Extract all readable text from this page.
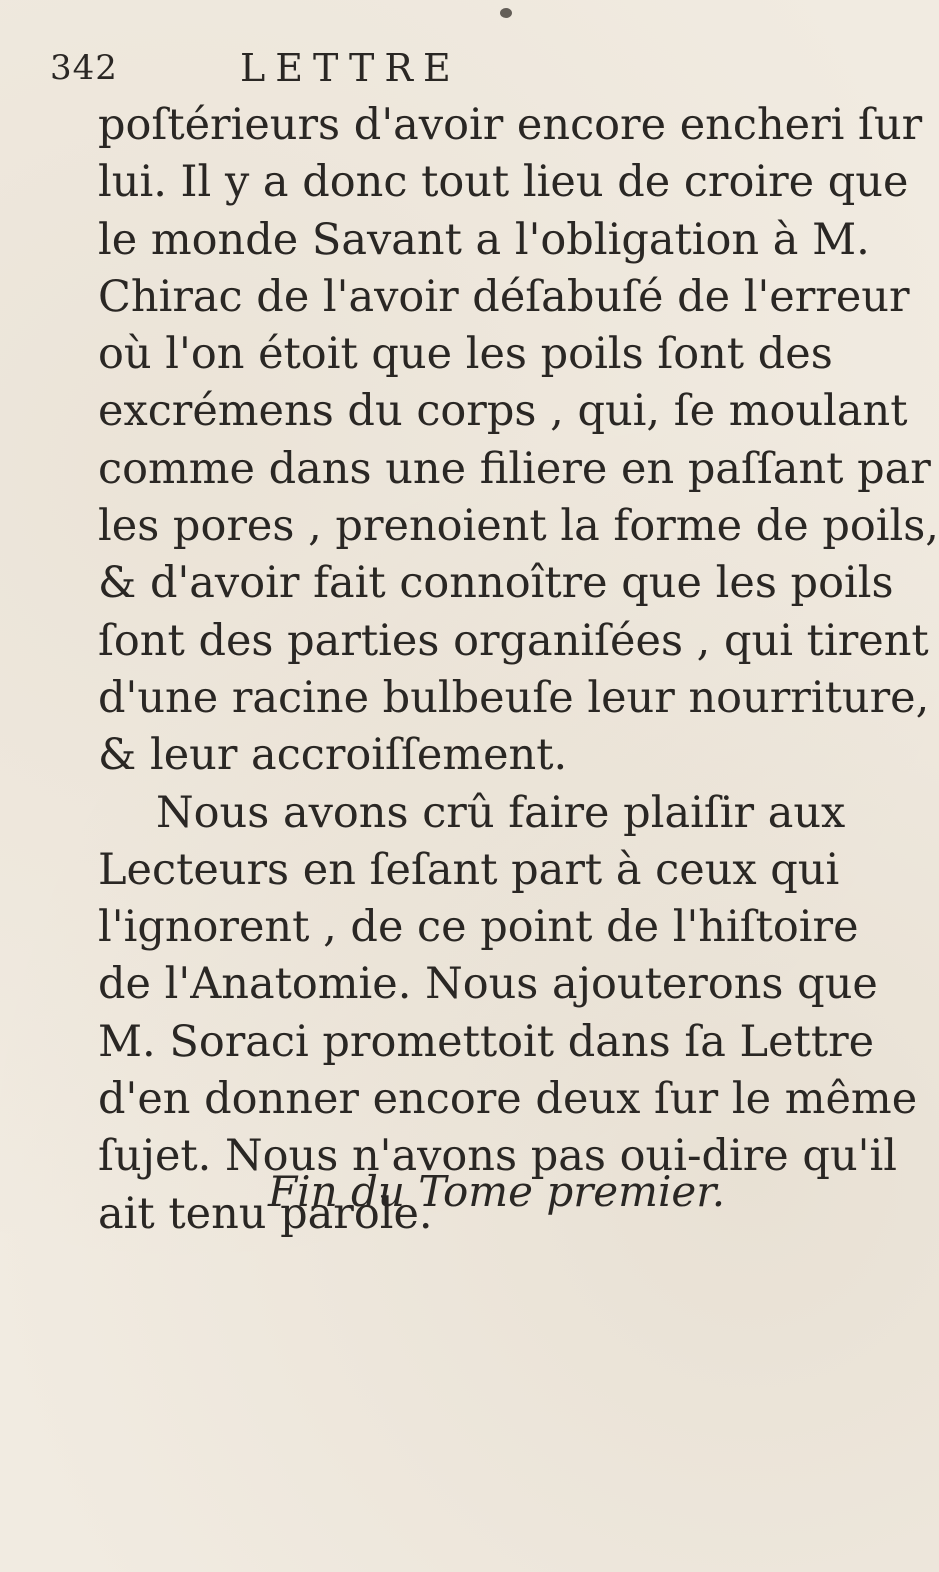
342	LETTRE
poſtérieurs d'avoir encore encheri ſur
lui. Il y a donc tout lieu de croire que
le monde Savant a l'obligation à M.
Chirac de l'avoir déſabuſé de l'erreur
où l'on étoit que les poils ſont des
excrémens du corps , qui, ſe moulant
comme dans une filiere en paſſant par
les pores , prenoient la forme de poils,
& d'avoir fait connoître que les poils
ſont des parties organiſées , qui tirent
d'une racine bulbeuſe leur nourriture,
& leur accroiſſement.
Nous avons crû faire plaiſir aux
Lecteurs en ſeſant part à ceux qui
l'ignorent , de ce point de l'hiſtoire
de l'Anatomie. Nous ajouterons que
M. Soraci promettoit dans ſa Lettre
d'en donner encore deux ſur le même
ſujet. Nous n'avons pas oui-dire qu'il
ait tenu parole.
Fin du Tome premier.
